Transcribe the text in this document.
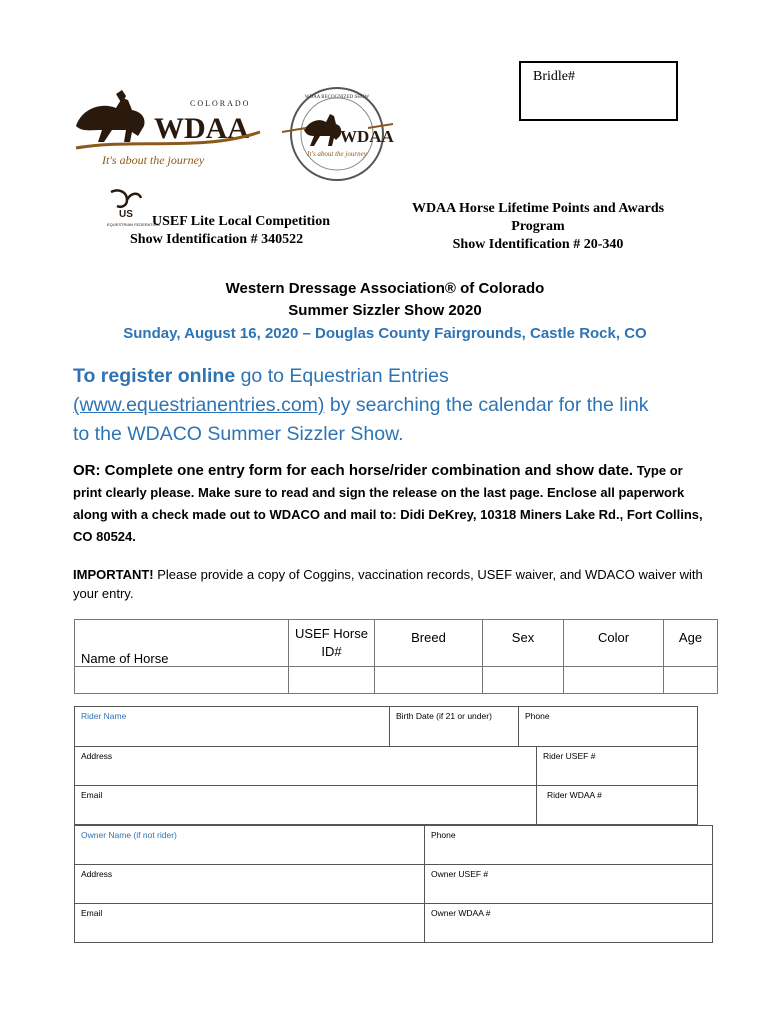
Bridle#
COLORADO
WDAA
It's about the journey
WDAA RECOGNIZED SHOW
WDAA
It's about the journey
US
EQUESTRIAN FEDERATION
USEF Lite Local Competition
Show Identification # 340522
WDAA Horse Lifetime Points and Awards
Program
Show Identification # 20-340
Western Dressage Association® of Colorado
Summer Sizzler Show 2020
Sunday, August 16, 2020 – Douglas County Fairgrounds, Castle Rock, CO
To register online go to Equestrian Entries
(www.equestrianentries.com) by searching the calendar for the link
to the WDACO Summer Sizzler Show.
OR: Complete one entry form for each horse/rider combination and show date. Type or print clearly please. Make sure to read and sign the release on the last page. Enclose all paperwork along with a check made out to WDACO and mail to: Didi DeKrey, 10318 Miners Lake Rd., Fort Collins, CO 80524.
IMPORTANT! Please provide a copy of Coggins, vaccination records, USEF waiver, and WDACO waiver with your entry.
Name of Horse	USEF Horse ID#	Breed	Sex	Color	Age

Rider Name	Birth Date (if 21 or under)	Phone
Address	Rider USEF #
Email	Rider WDAA #
Owner Name (if not rider)	Phone
Address	Owner USEF #
Email	Owner WDAA #
